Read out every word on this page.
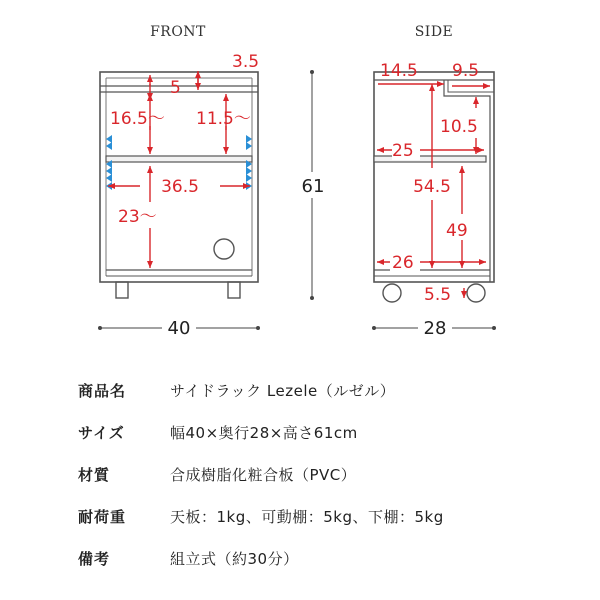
FRONT
3.5
5
16.5～ 11.5～
36.5
23～
40
61
SIDE
14.5 9.5
10.5
25
54.5
49
26
5.5
28
商品名	サイドラック Lezele（ルゼル）
サイズ	幅40×奥行28×高さ61cm
材質	合成樹脂化粧合板（PVC）
耐荷重	天板：1kg、可動棚：5kg、下棚：5kg
備考	組立式（約30分）
